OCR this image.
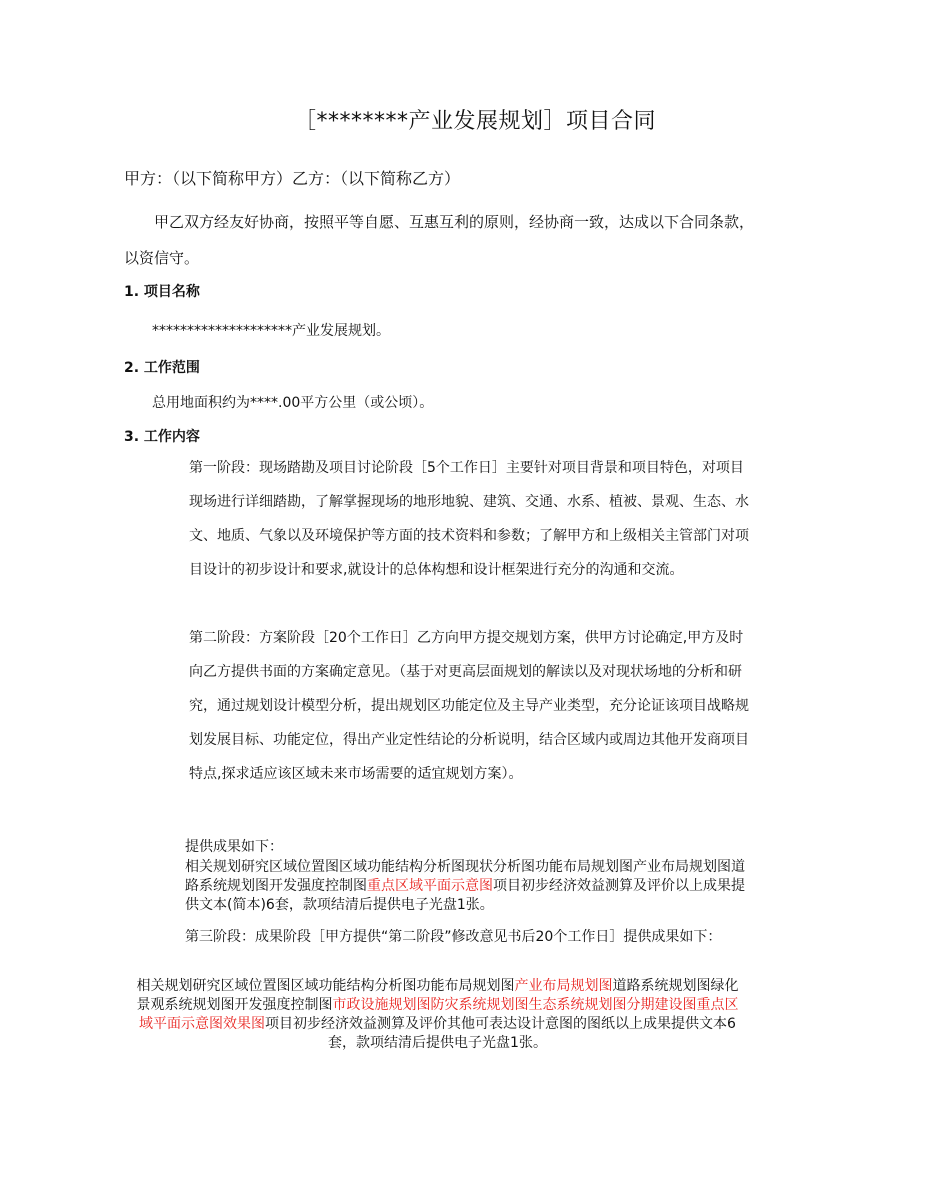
［********产业发展规划］项目合同
甲方：（以下简称甲方）乙方：（以下简称乙方）
甲乙双方经友好协商，按照平等自愿、互惠互利的原则，经协商一致，达成以下合同条款，以资信守。
1. 项目名称
********************产业发展规划。
2. 工作范围
总用地面积约为****.00平方公里（或公顷）。
3. 工作内容
第一阶段：现场踏勘及项目讨论阶段［5个工作日］主要针对项目背景和项目特色，对项目现场进行详细踏勘，了解掌握现场的地形地貌、建筑、交通、水系、植被、景观、生态、水文、地质、气象以及环境保护等方面的技术资料和参数；了解甲方和上级相关主管部门对项目设计的初步设计和要求,就设计的总体构想和设计框架进行充分的沟通和交流。
第二阶段：方案阶段［20个工作日］乙方向甲方提交规划方案，供甲方讨论确定,甲方及时向乙方提供书面的方案确定意见。（基于对更高层面规划的解读以及对现状场地的分析和研究，通过规划设计模型分析，提出规划区功能定位及主导产业类型，充分论证该项目战略规划发展目标、功能定位，得出产业定性结论的分析说明，结合区域内或周边其他开发商项目特点,探求适应该区域未来市场需要的适宜规划方案）。
提供成果如下：
相关规划研究区域位置图区域功能结构分析图现状分析图功能布局规划图产业布局规划图道路系统规划图开发强度控制图重点区域平面示意图项目初步经济效益测算及评价以上成果提供文本(简本)6套，款项结清后提供电子光盘1张。
第三阶段：成果阶段［甲方提供“第二阶段”修改意见书后20个工作日］提供成果如下：
相关规划研究区域位置图区域功能结构分析图功能布局规划图产业布局规划图道路系统规划图绿化景观系统规划图开发强度控制图市政设施规划图防灾系统规划图生态系统规划图分期建设图重点区域平面示意图效果图项目初步经济效益测算及评价其他可表达设计意图的图纸以上成果提供文本6套，款项结清后提供电子光盘1张。
